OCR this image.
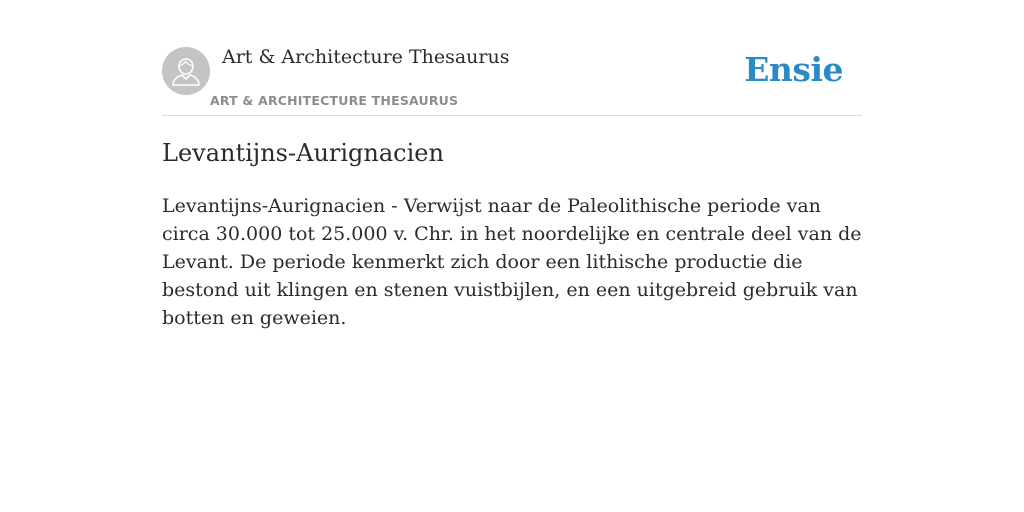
Art & Architecture Thesaurus
ART & ARCHITECTURE THESAURUS
Ensie
Levantijns-Aurignacien

Levantijns-Aurignacien - Verwijst naar de Paleolithische periode van circa 30.000 tot 25.000 v. Chr. in het noordelijke en centrale deel van de Levant. De periode kenmerkt zich door een lithische productie die bestond uit klingen en stenen vuistbijlen, en een uitgebreid gebruik van botten en geweien.
